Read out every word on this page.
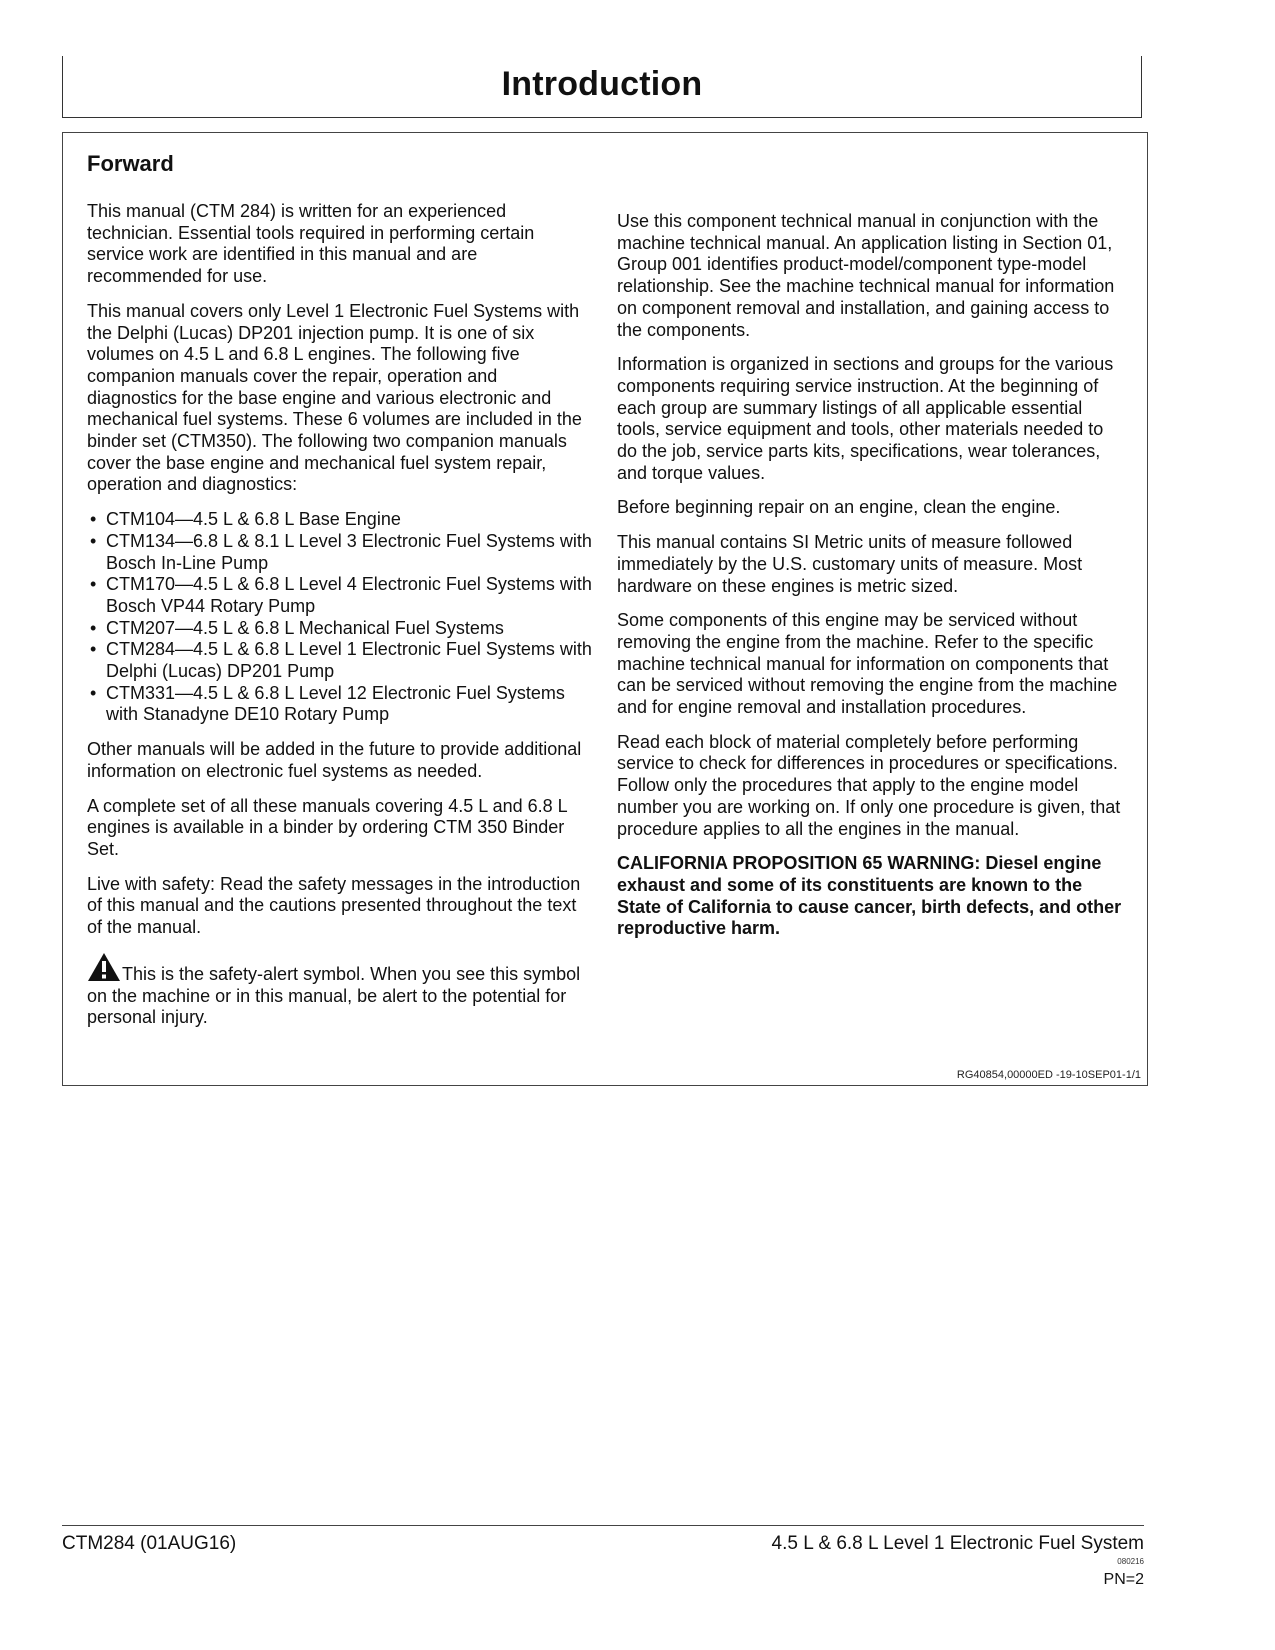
Introduction
Forward

This manual (CTM 284) is written for an experienced technician. Essential tools required in performing certain service work are identified in this manual and are recommended for use.

This manual covers only Level 1 Electronic Fuel Systems with the Delphi (Lucas) DP201 injection pump. It is one of six volumes on 4.5 L and 6.8 L engines. The following five companion manuals cover the repair, operation and diagnostics for the base engine and various electronic and mechanical fuel systems. These 6 volumes are included in the binder set (CTM350). The following two companion manuals cover the base engine and mechanical fuel system repair, operation and diagnostics:

• CTM104—4.5 L & 6.8 L Base Engine
• CTM134—6.8 L & 8.1 L Level 3 Electronic Fuel Systems with Bosch In-Line Pump
• CTM170—4.5 L & 6.8 L Level 4 Electronic Fuel Systems with Bosch VP44 Rotary Pump
• CTM207—4.5 L & 6.8 L Mechanical Fuel Systems
• CTM284—4.5 L & 6.8 L Level 1 Electronic Fuel Systems with Delphi (Lucas) DP201 Pump
• CTM331—4.5 L & 6.8 L Level 12 Electronic Fuel Systems with Stanadyne DE10 Rotary Pump

Other manuals will be added in the future to provide additional information on electronic fuel systems as needed.

A complete set of all these manuals covering 4.5 L and 6.8 L engines is available in a binder by ordering CTM 350 Binder Set.

Live with safety: Read the safety messages in the introduction of this manual and the cautions presented throughout the text of the manual.

This is the safety-alert symbol. When you see this symbol on the machine or in this manual, be alert to the potential for personal injury.

Use this component technical manual in conjunction with the machine technical manual. An application listing in Section 01, Group 001 identifies product-model/component type-model relationship. See the machine technical manual for information on component removal and installation, and gaining access to the components.

Information is organized in sections and groups for the various components requiring service instruction. At the beginning of each group are summary listings of all applicable essential tools, service equipment and tools, other materials needed to do the job, service parts kits, specifications, wear tolerances, and torque values.

Before beginning repair on an engine, clean the engine.

This manual contains SI Metric units of measure followed immediately by the U.S. customary units of measure. Most hardware on these engines is metric sized.

Some components of this engine may be serviced without removing the engine from the machine. Refer to the specific machine technical manual for information on components that can be serviced without removing the engine from the machine and for engine removal and installation procedures.

Read each block of material completely before performing service to check for differences in procedures or specifications. Follow only the procedures that apply to the engine model number you are working on. If only one procedure is given, that procedure applies to all the engines in the manual.

CALIFORNIA PROPOSITION 65 WARNING: Diesel engine exhaust and some of its constituents are known to the State of California to cause cancer, birth defects, and other reproductive harm.

RG40854,00000ED -19-10SEP01-1/1
CTM284 (01AUG16)	4.5 L & 6.8 L Level 1 Electronic Fuel System
080216
PN=2
